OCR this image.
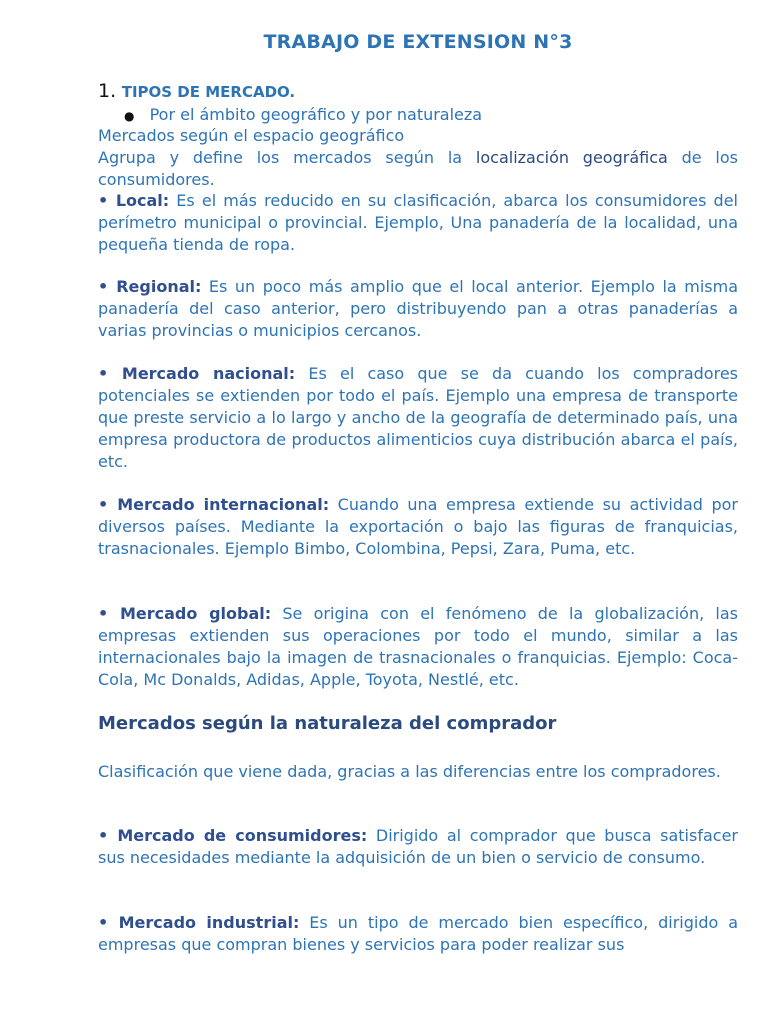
TRABAJO DE EXTENSION N°3
1. TIPOS DE MERCADO.
● Por el ámbito geográfico y por naturaleza
Mercados según el espacio geográfico
Agrupa y define los mercados según la localización geográfica de los consumidores.
• Local: Es el más reducido en su clasificación, abarca los consumidores del perímetro municipal o provincial. Ejemplo, Una panadería de la localidad, una pequeña tienda de ropa.
• Regional: Es un poco más amplio que el local anterior. Ejemplo la misma panadería del caso anterior, pero distribuyendo pan a otras panaderías a varias provincias o municipios cercanos.
• Mercado nacional: Es el caso que se da cuando los compradores potenciales se extienden por todo el país. Ejemplo una empresa de transporte que preste servicio a lo largo y ancho de la geografía de determinado país, una empresa productora de productos alimenticios cuya distribución abarca el país, etc.
• Mercado internacional: Cuando una empresa extiende su actividad por diversos países. Mediante la exportación o bajo las figuras de franquicias, trasnacionales. Ejemplo Bimbo, Colombina, Pepsi, Zara, Puma, etc.
• Mercado global: Se origina con el fenómeno de la globalización, las empresas extienden sus operaciones por todo el mundo, similar a las internacionales bajo la imagen de trasnacionales o franquicias. Ejemplo: Coca-Cola, Mc Donalds, Adidas, Apple, Toyota, Nestlé, etc.
Mercados según la naturaleza del comprador
Clasificación que viene dada, gracias a las diferencias entre los compradores.
• Mercado de consumidores: Dirigido al comprador que busca satisfacer sus necesidades mediante la adquisición de un bien o servicio de consumo.
• Mercado industrial: Es un tipo de mercado bien específico, dirigido a empresas que compran bienes y servicios para poder realizar sus
